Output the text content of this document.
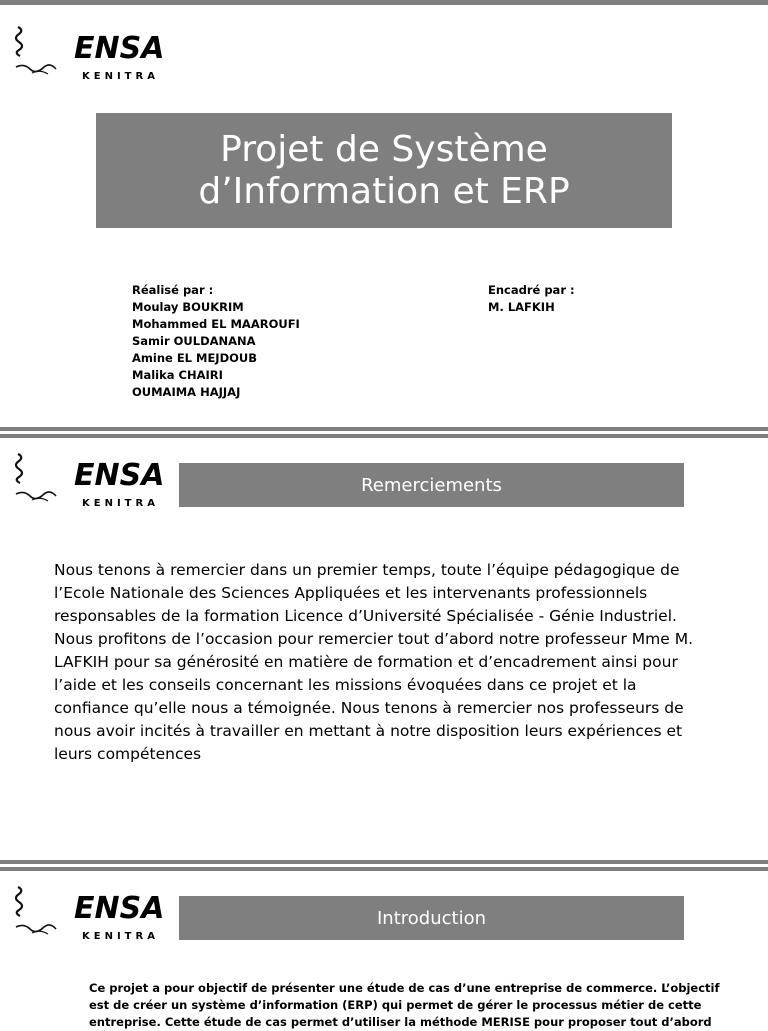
ENSA
KENITRA
Projet de Système
d’Information et ERP
Réalisé par :
Moulay BOUKRIM
Mohammed EL MAAROUFI
Samir OULDANANA
Amine EL MEJDOUB
Malika CHAIRI
OUMAIMA HAJJAJ
Encadré par :
M. LAFKIH
ENSA
KENITRA
Remerciements
Nous tenons à remercier dans un premier temps, toute l’équipe pédagogique de l’Ecole Nationale des Sciences Appliquées et les intervenants professionnels responsables de la formation Licence d’Université Spécialisée - Génie Industriel. Nous profitons de l’occasion pour remercier tout d’abord notre professeur Mme M. LAFKIH pour sa générosité en matière de formation et d’encadrement ainsi pour l’aide et les conseils concernant les missions évoquées dans ce projet et la confiance qu’elle nous a témoignée. Nous tenons à remercier nos professeurs de nous avoir incités à travailler en mettant à notre disposition leurs expériences et leurs compétences
ENSA
KENITRA
Introduction
Ce projet a pour objectif de présenter une étude de cas d’une entreprise de commerce. L’objectif
est de créer un système d’information (ERP) qui permet de gérer le processus métier de cette
entreprise. Cette étude de cas permet d’utiliser la méthode MERISE pour proposer tout d’abord
